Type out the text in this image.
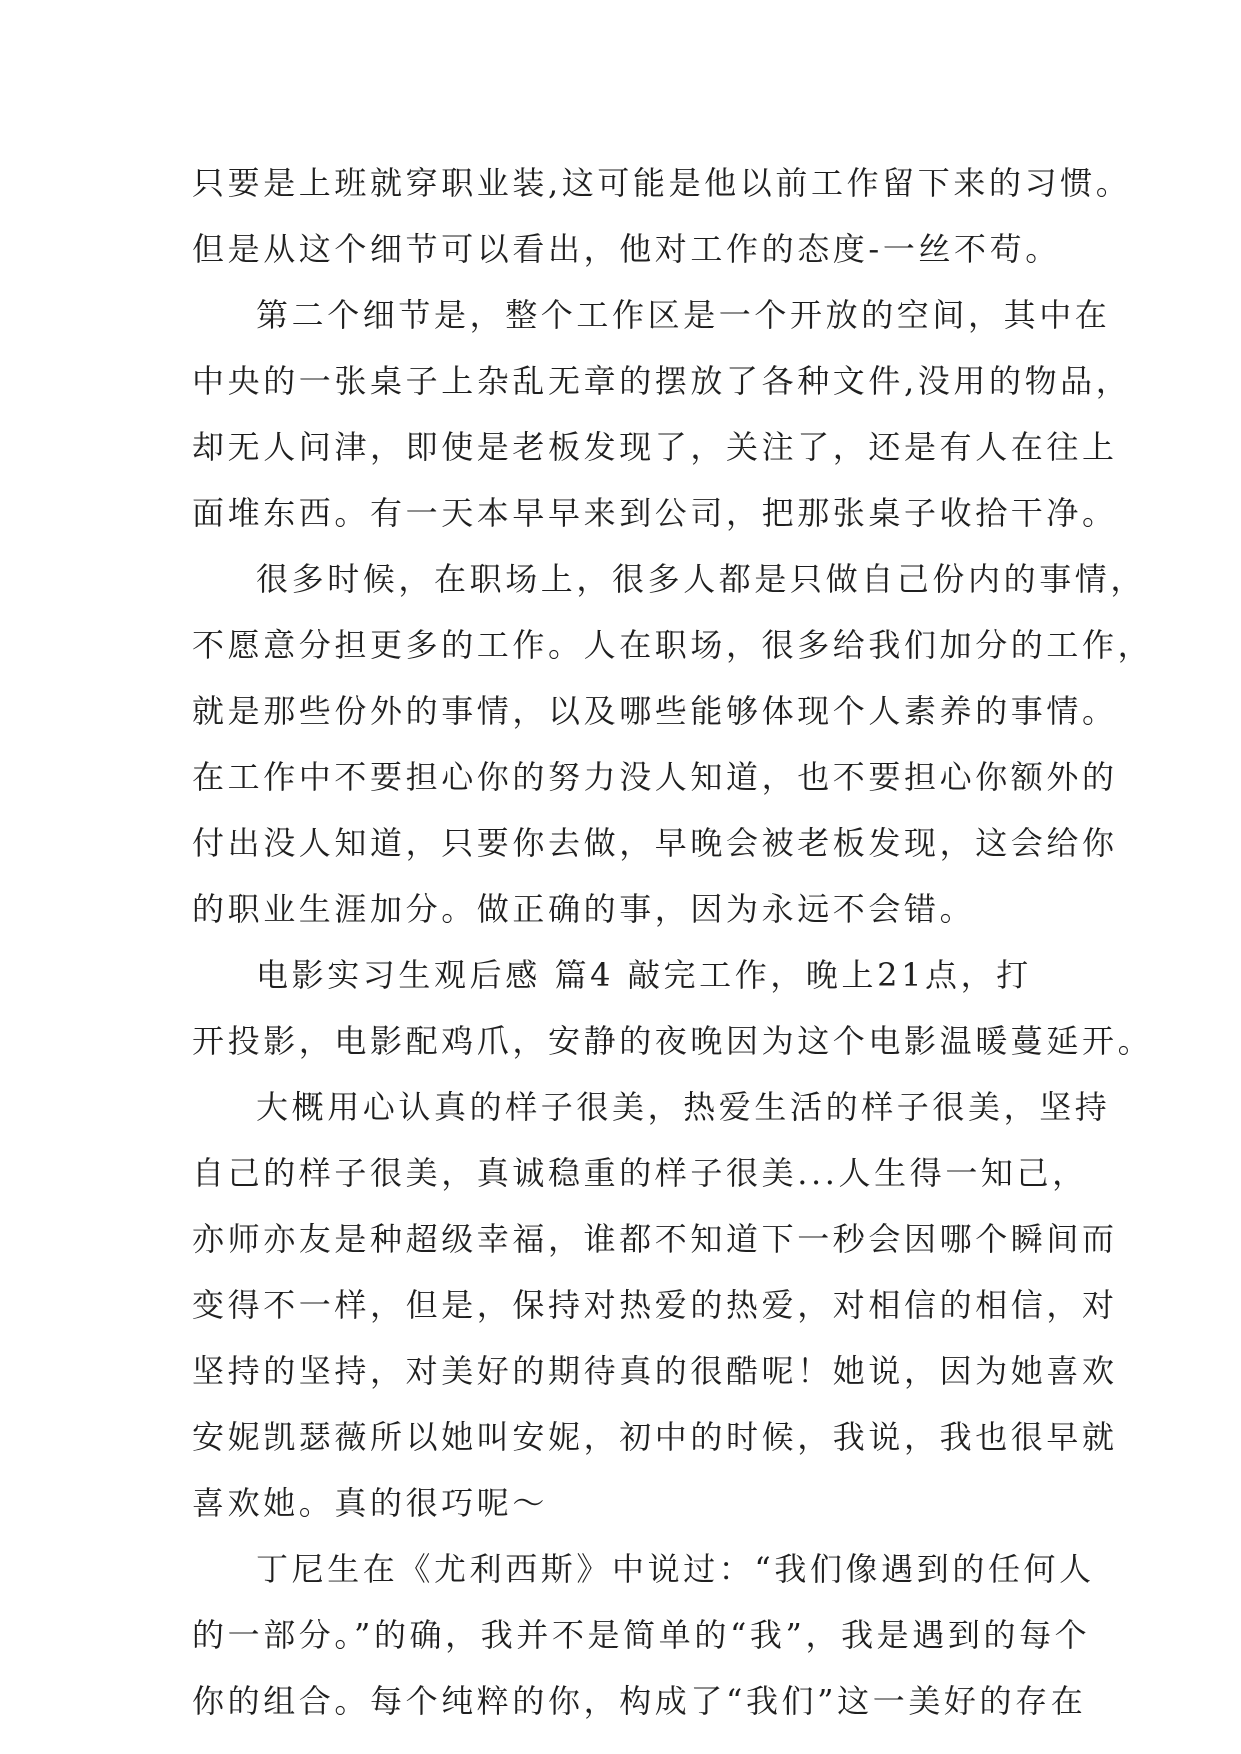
只要是上班就穿职业装,这可能是他以前工作留下来的习惯。
但是从这个细节可以看出，他对工作的态度-一丝不苟。
第二个细节是，整个工作区是一个开放的空间，其中在
中央的一张桌子上杂乱无章的摆放了各种文件,没用的物品，
却无人问津，即使是老板发现了，关注了，还是有人在往上
面堆东西。有一天本早早来到公司，把那张桌子收拾干净。
很多时候，在职场上，很多人都是只做自己份内的事情，
不愿意分担更多的工作。人在职场，很多给我们加分的工作，
就是那些份外的事情，以及哪些能够体现个人素养的事情。
在工作中不要担心你的努力没人知道，也不要担心你额外的
付出没人知道，只要你去做，早晚会被老板发现，这会给你
的职业生涯加分。做正确的事，因为永远不会错。
电影实习生观后感 篇4 敲完工作，晚上21点，打
开投影，电影配鸡爪，安静的夜晚因为这个电影温暖蔓延开。
大概用心认真的样子很美，热爱生活的样子很美，坚持
自己的样子很美，真诚稳重的样子很美...人生得一知己，
亦师亦友是种超级幸福，谁都不知道下一秒会因哪个瞬间而
变得不一样，但是，保持对热爱的热爱，对相信的相信，对
坚持的坚持，对美好的期待真的很酷呢！她说，因为她喜欢
安妮凯瑟薇所以她叫安妮，初中的时候，我说，我也很早就
喜欢她。真的很巧呢～
丁尼生在《尤利西斯》中说过：“我们像遇到的任何人
的一部分。”的确，我并不是简单的“我”，我是遇到的每个
你的组合。每个纯粹的你，构成了“我们”这一美好的存在
